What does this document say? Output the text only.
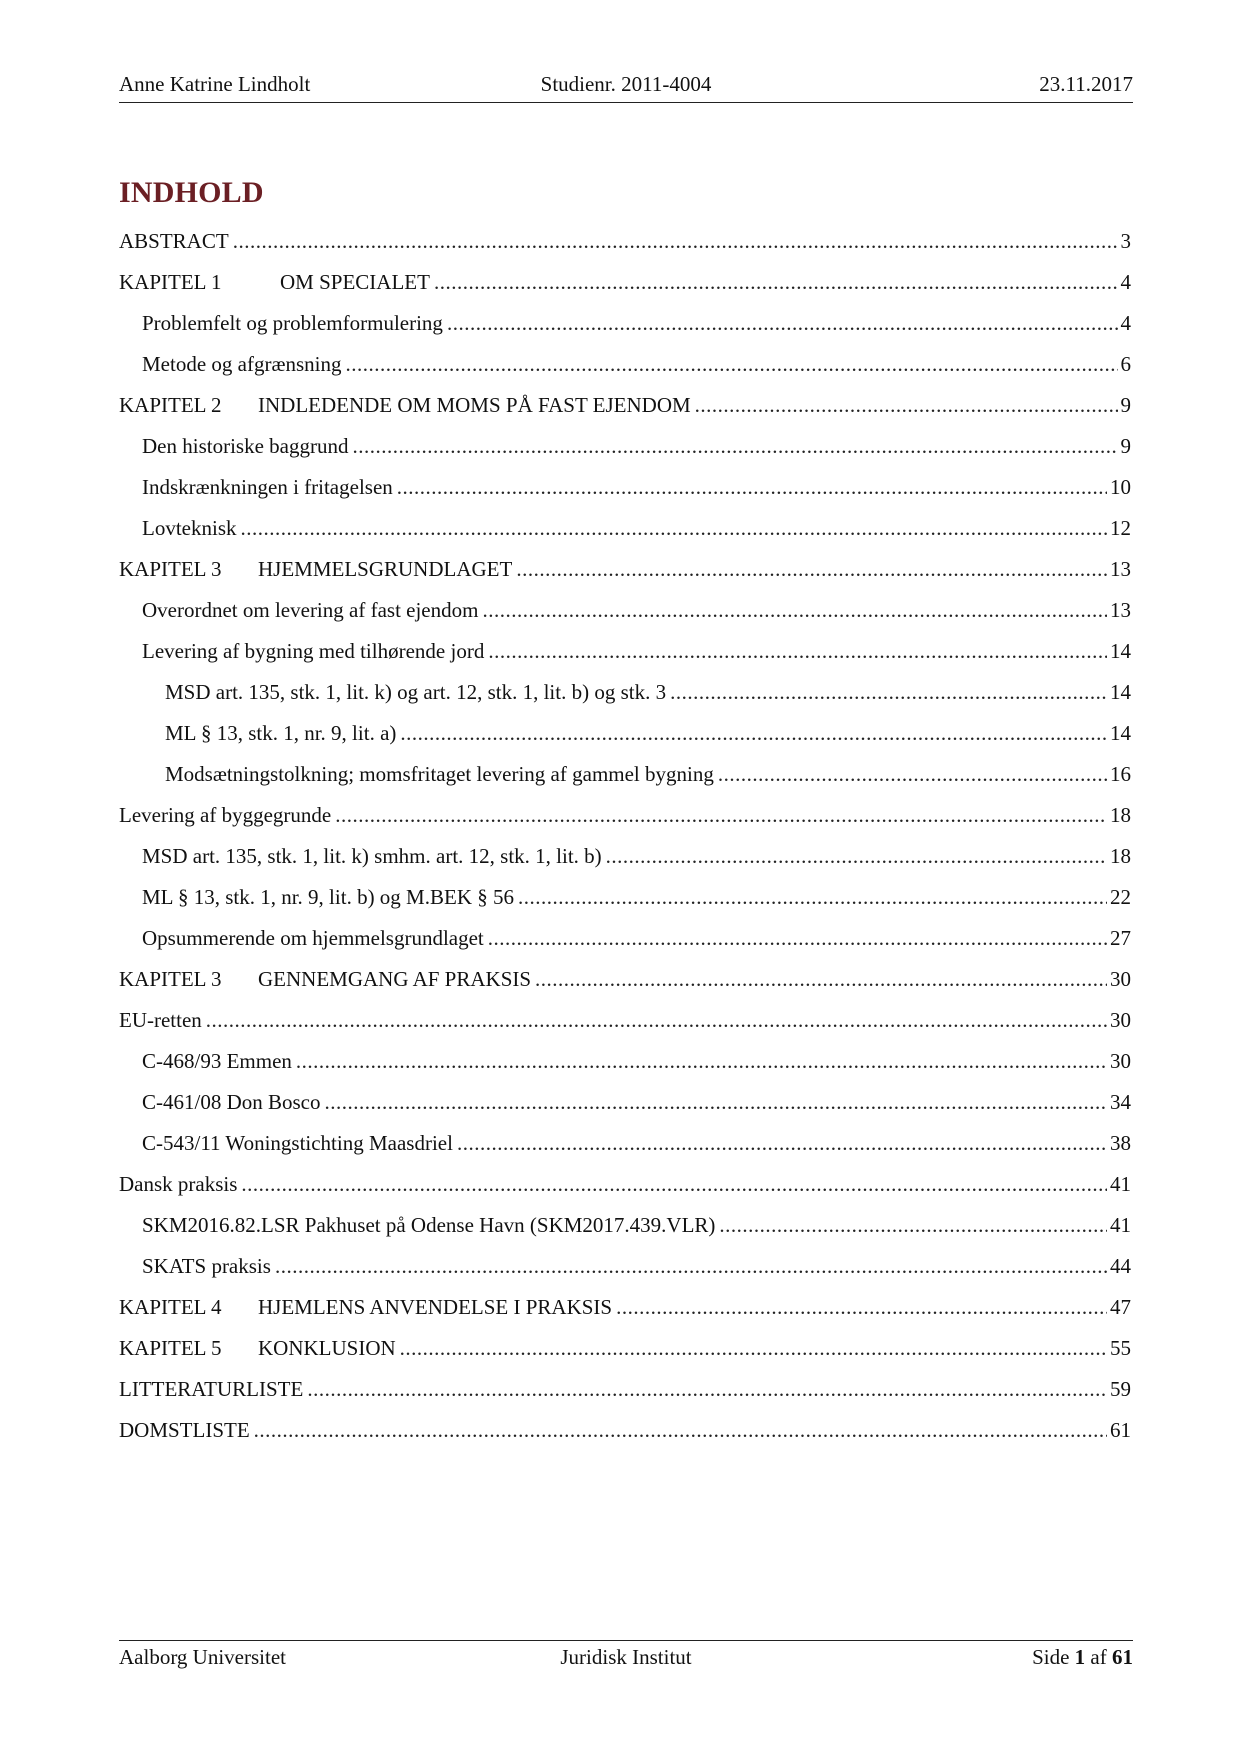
Anne Katrine Lindholt	Studienr. 2011-4004	23.11.2017
INDHOLD
ABSTRACT .....	3
KAPITEL 1	OM SPECIALET .....	4
Problemfelt og problemformulering .....	4
Metode og afgrænsning .....	6
KAPITEL 2	INDLEDENDE OM MOMS PÅ FAST EJENDOM .....	9
Den historiske baggrund .....	9
Indskrænkningen i fritagelsen .....	10
Lovteknisk .....	12
KAPITEL 3	HJEMMELSGRUNDLAGET .....	13
Overordnet om levering af fast ejendom .....	13
Levering af bygning med tilhørende jord .....	14
MSD art. 135, stk. 1, lit. k) og art. 12, stk. 1, lit. b) og stk. 3 .....	14
ML § 13, stk. 1, nr. 9, lit. a) .....	14
Modsætningstolkning; momsfritaget levering af gammel bygning .....	16
Levering af byggegrunde .....	18
MSD art. 135, stk. 1, lit. k) smhm. art. 12, stk. 1, lit. b) .....	18
ML § 13, stk. 1, nr. 9, lit. b) og M.BEK § 56 .....	22
Opsummerende om hjemmelsgrundlaget .....	27
KAPITEL 3	GENNEMGANG AF PRAKSIS .....	30
EU-retten .....	30
C-468/93 Emmen .....	30
C-461/08 Don Bosco .....	34
C-543/11 Woningstichting Maasdriel .....	38
Dansk praksis .....	41
SKM2016.82.LSR Pakhuset på Odense Havn (SKM2017.439.VLR) .....	41
SKATS praksis .....	44
KAPITEL 4	HJEMLENS ANVENDELSE I PRAKSIS .....	47
KAPITEL 5	KONKLUSION .....	55
LITTERATURLISTE .....	59
DOMSTLISTE .....	61
Aalborg Universitet	Juridisk Institut	Side 1 af 61
